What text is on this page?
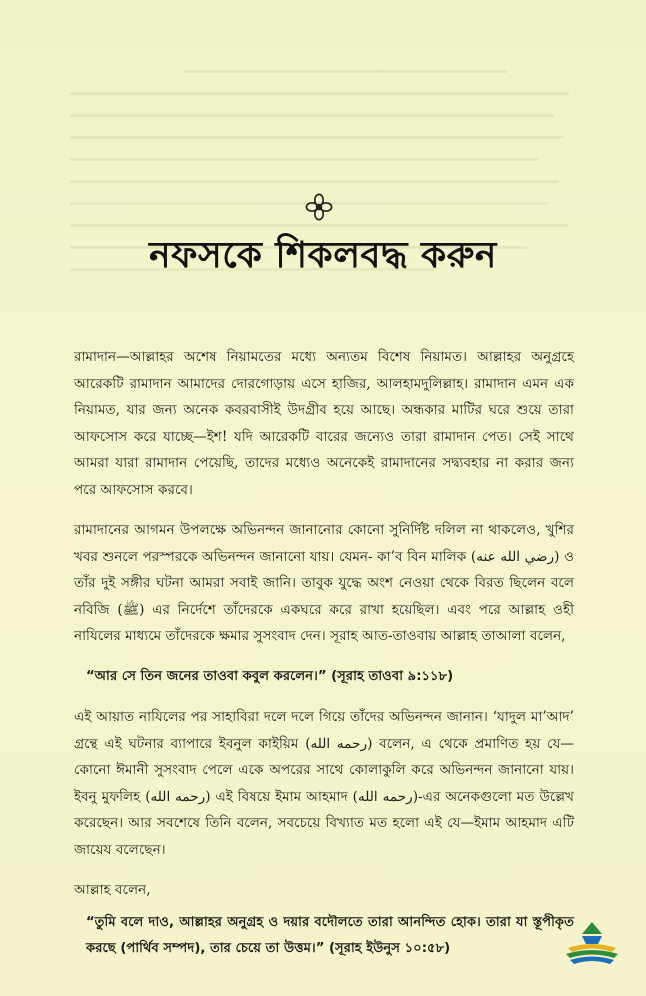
নফসকে শিকলবদ্ধ করুন

রামাদান—আল্লাহর অশেষ নিয়ামতের মধ্যে অন্যতম বিশেষ নিয়ামত। আল্লাহর অনুগ্রহে আরেকটি রামাদান আমাদের দোরগোড়ায় এসে হাজির, আলহামদুলিল্লাহ। রামাদান এমন এক নিয়ামত, যার জন্য অনেক কবরবাসীই উদগ্রীব হয়ে আছে। অন্ধকার মাটির ঘরে শুয়ে তারা আফসোস করে যাচ্ছে—ইশ! যদি আরেকটি বারের জন্যেও তারা রামাদান পেত। সেই সাথে আমরা যারা রামাদান পেয়েছি, তাদের মধ্যেও অনেকেই রামাদানের সদ্ব্যবহার না করার জন্য পরে আফসোস করবে।

রামাদানের আগমন উপলক্ষে অভিনন্দন জানানোর কোনো সুনির্দিষ্ট দলিল না থাকলেও, খুশির খবর শুনলে পরস্পরকে অভিনন্দন জানানো যায়। যেমন- কা’ব বিন মালিক (رضي الله عنه) ও তাঁর দুই সঙ্গীর ঘটনা আমরা সবাই জানি। তাবুক যুদ্ধে অংশ নেওয়া থেকে বিরত ছিলেন বলে নবিজি (ﷺ) এর নির্দেশে তাঁদেরকে একঘরে করে রাখা হয়েছিল। এবং পরে আল্লাহ ওহী নাযিলের মাধ্যমে তাঁদেরকে ক্ষমার সুসংবাদ দেন। সূরাহ আত-তাওবায় আল্লাহ তাআলা বলেন,

“আর সে তিন জনের তাওবা কবুল করলেন।” (সূরাহ তাওবা ৯:১১৮)

এই আয়াত নাযিলের পর সাহাবিরা দলে দলে গিয়ে তাঁদের অভিনন্দন জানান। ‘যাদুল মা’আদ’ গ্রন্থে এই ঘটনার ব্যাপারে ইবনুল কাইয়িম (رحمه الله) বলেন, এ থেকে প্রমাণিত হয় যে—কোনো ঈমানী সুসংবাদ পেলে একে অপরের সাথে কোলাকুলি করে অভিনন্দন জানানো যায়। ইবনু মুফলিহ (رحمه الله) এই বিষয়ে ইমাম আহমাদ (رحمه الله)-এর অনেকগুলো মত উল্লেখ করেছেন। আর সবশেষে তিনি বলেন, সবচেয়ে বিখ্যাত মত হলো এই যে—ইমাম আহমাদ এটি জায়েয বলেছেন।

আল্লাহ বলেন,

“তুমি বলে দাও, আল্লাহর অনুগ্রহ ও দয়ার বদৌলতে তারা আনন্দিত হোক। তারা যা স্তূপীকৃত করছে (পার্থিব সম্পদ), তার চেয়ে তা উত্তম।” (সূরাহ ইউনুস ১০:৫৮)
